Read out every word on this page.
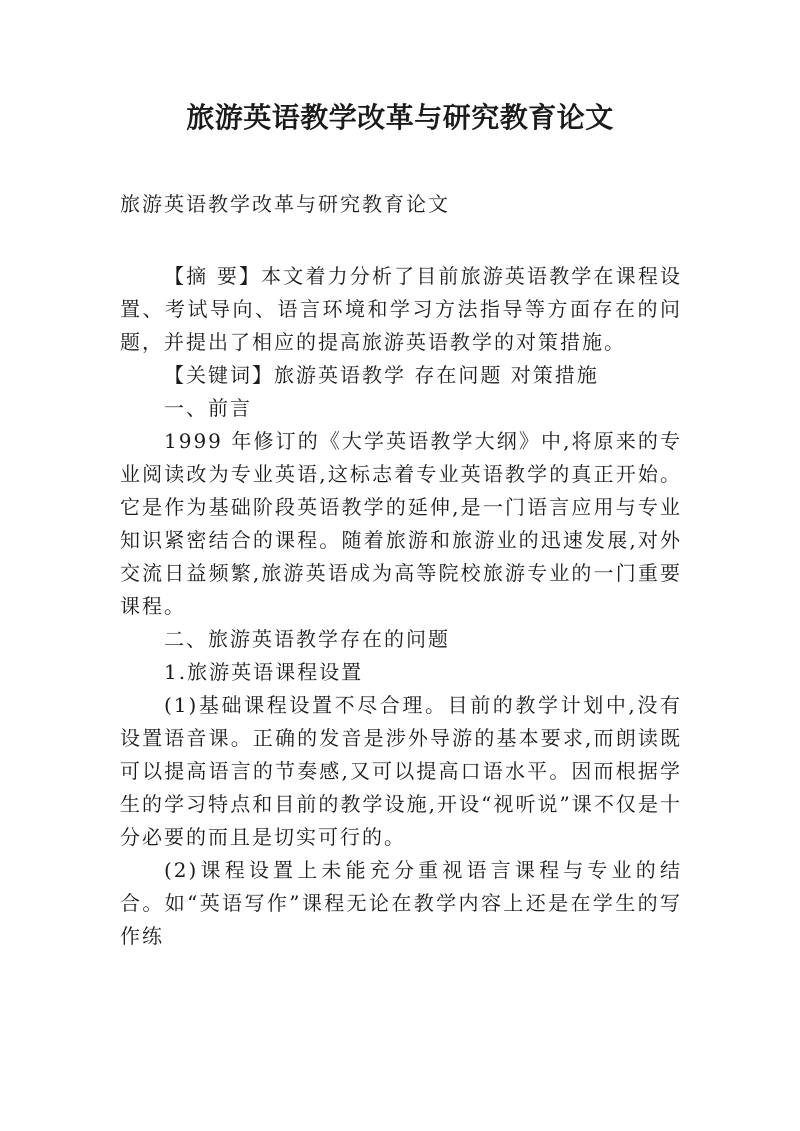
旅游英语教学改革与研究教育论文
旅游英语教学改革与研究教育论文

【摘 要】本文着力分析了目前旅游英语教学在课程设置、考试导向、语言环境和学习方法指导等方面存在的问题，并提出了相应的提高旅游英语教学的对策措施。

【关键词】旅游英语教学 存在问题 对策措施

一、前言

1999 年修订的《大学英语教学大纲》中,将原来的专业阅读改为专业英语,这标志着专业英语教学的真正开始。它是作为基础阶段英语教学的延伸,是一门语言应用与专业知识紧密结合的课程。随着旅游和旅游业的迅速发展,对外交流日益频繁,旅游英语成为高等院校旅游专业的一门重要课程。

二、旅游英语教学存在的问题

1.旅游英语课程设置

(1)基础课程设置不尽合理。目前的教学计划中,没有设置语音课。正确的发音是涉外导游的基本要求,而朗读既可以提高语言的节奏感,又可以提高口语水平。因而根据学生的学习特点和目前的教学设施,开设“视听说”课不仅是十分必要的而且是切实可行的。

(2)课程设置上未能充分重视语言课程与专业的结合。如“英语写作”课程无论在教学内容上还是在学生的写作练
